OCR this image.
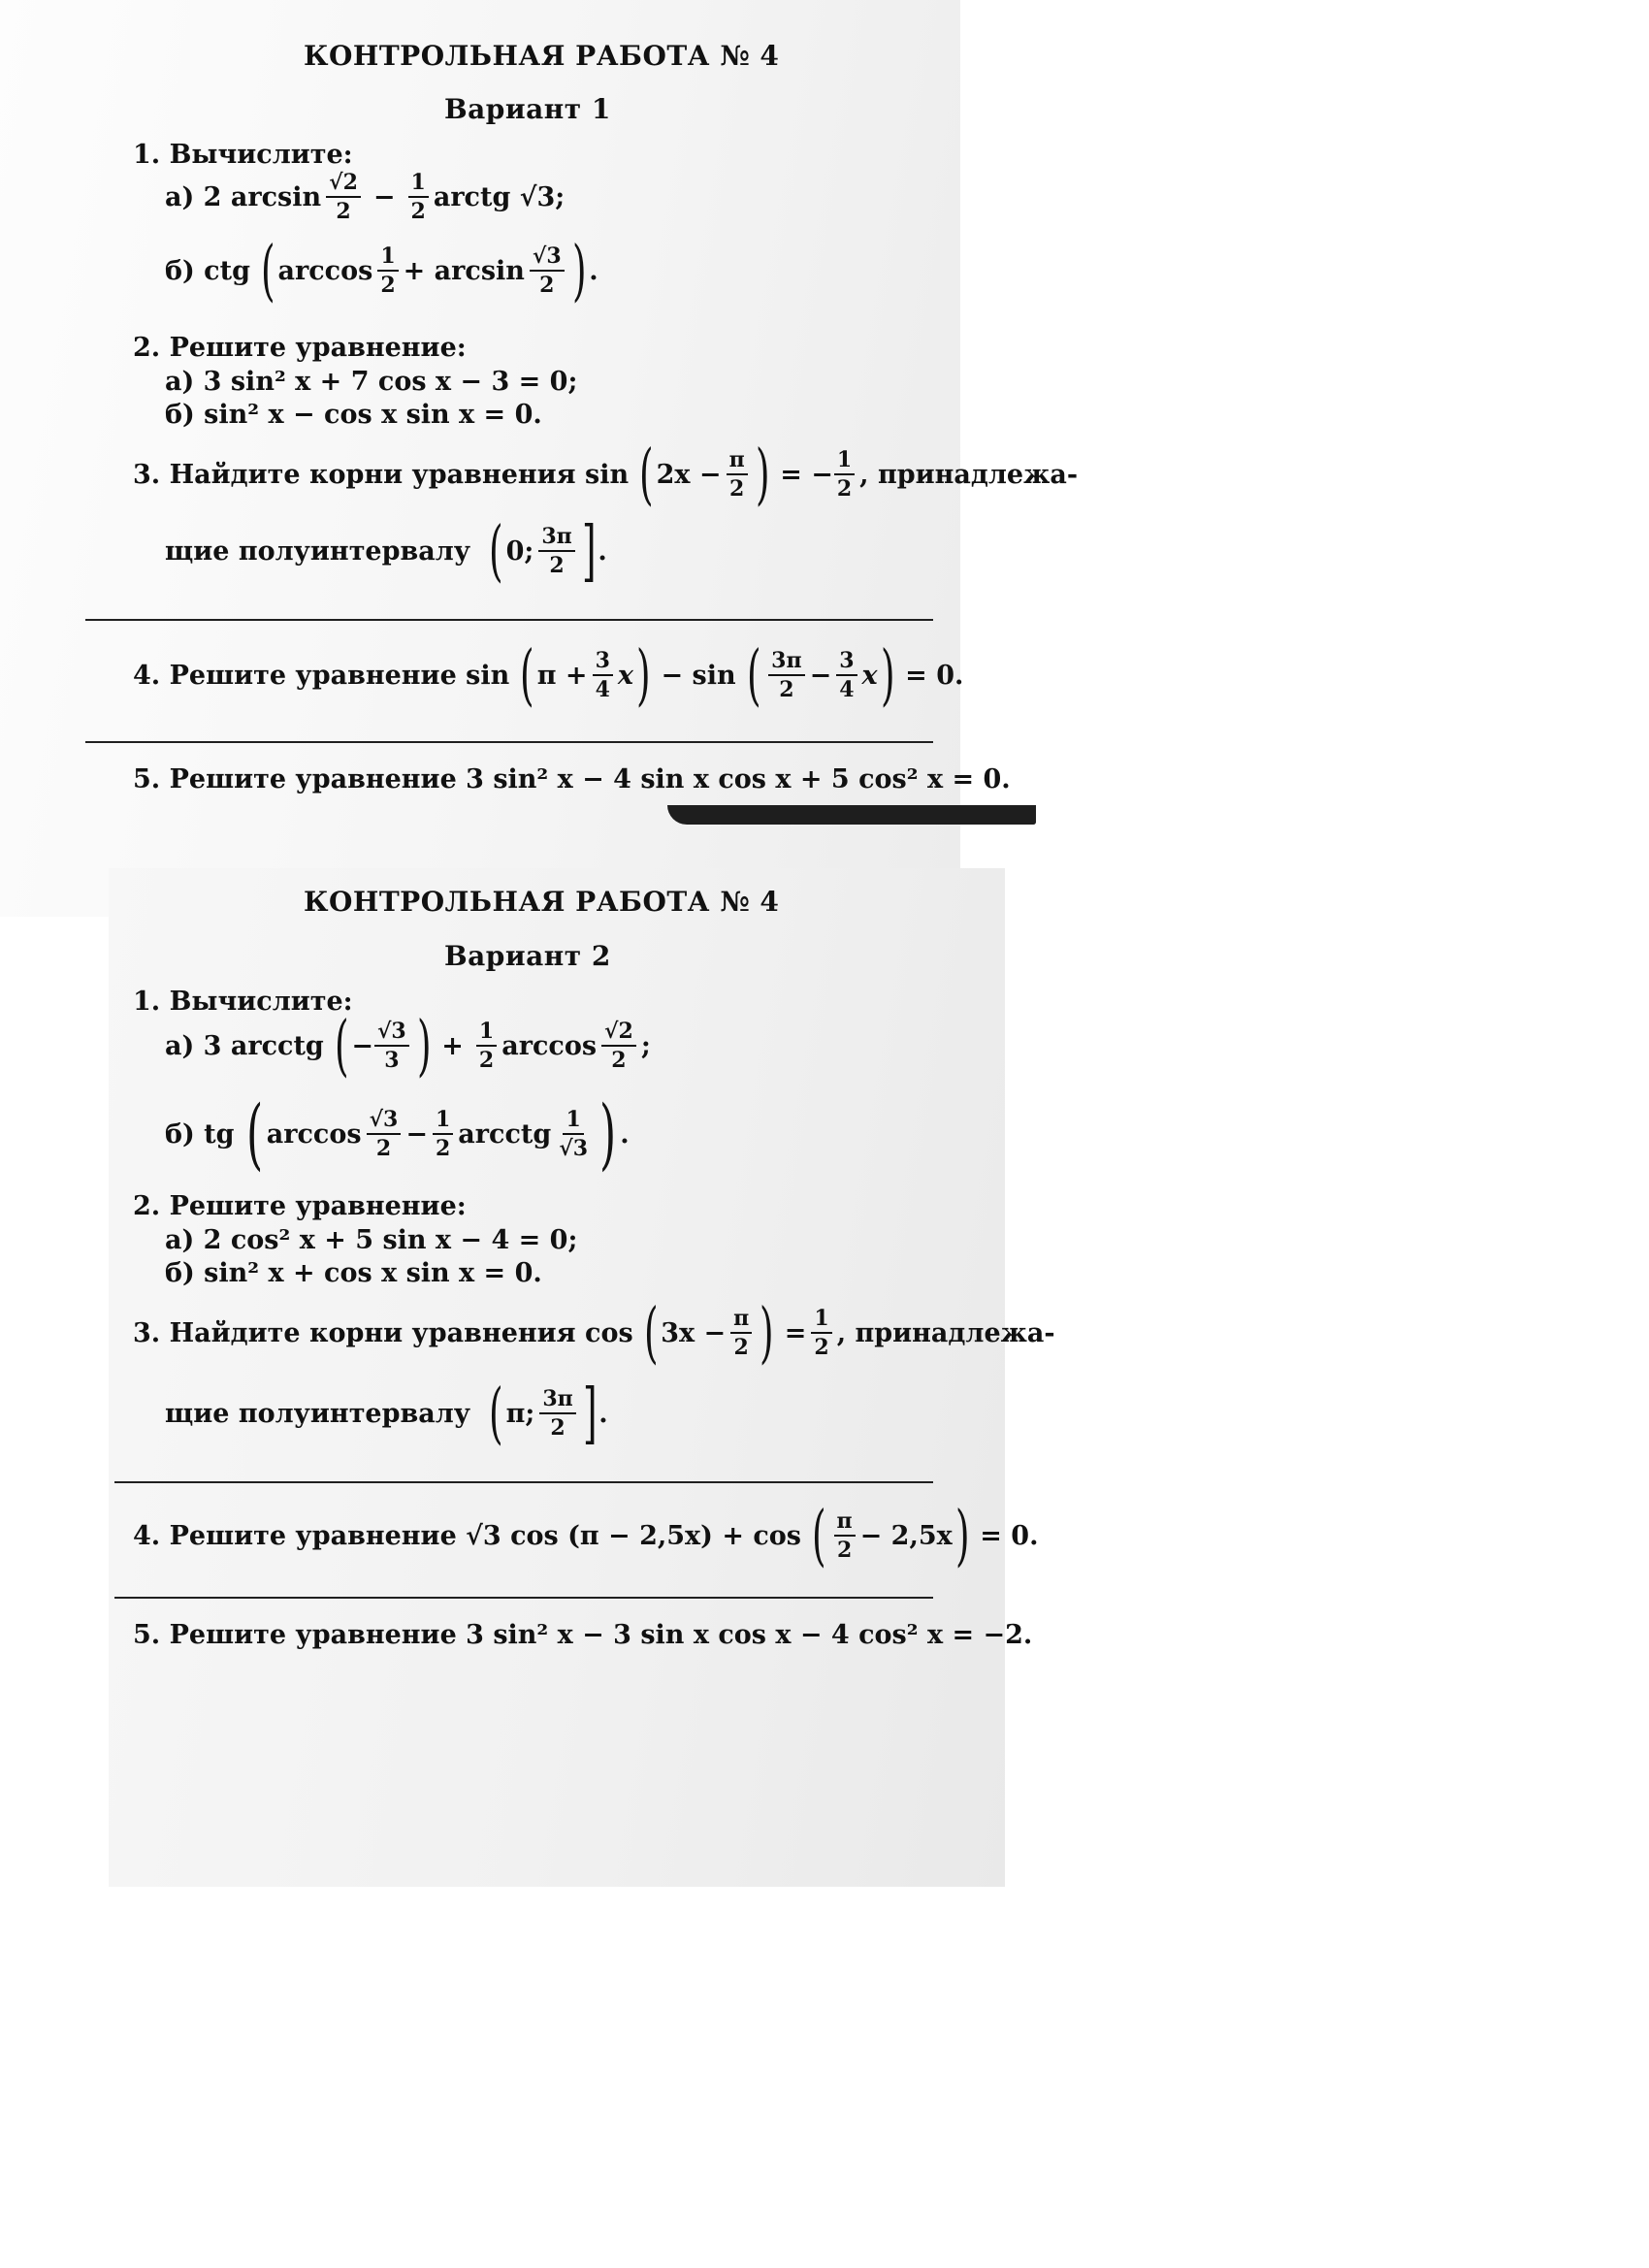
КОНТРОЛЬНАЯ РАБОТА № 4
Вариант 1
1. Вычислите:
а) 2 $\arcsin \frac{√2}{2} - \frac{1}{2}$ arctg √3;
б) ctg ( $\arccos \frac{1}{2} + \arcsin \frac{√3}{2}$ ) .
2. Решите уравнение:
а) 3 sin² x + 7 cos x − 3 = 0;
б) sin² x − cos x sin x = 0.
3. Найдите корни уравнения sin ( $2x - \frac{\pi}{2}$ ) = − $\frac{1}{2}$ , принадлежа-
щие полуинтервалу ( 0; $\frac{3\pi}{2}$ ] .
4. Решите уравнение sin ( $\pi + \frac{3}{4}$ x ) − sin ( $\frac{3\pi}{2} - \frac{3}{4}$ x ) = 0.
5. Решите уравнение 3 sin² x − 4 sin x cos x + 5 cos² x = 0.
КОНТРОЛЬНАЯ РАБОТА № 4
Вариант 2
1. Вычислите:
а) 3 arcctg ( − $\frac{√3}{3}$ ) + $\frac{1}{2}$ $\arccos \frac{√2}{2}$ ;
б) tg ( $\arccos \frac{√3}{2} - \frac{1}{2}$ arcctg $\frac{1}{√3}$ ) .
2. Решите уравнение:
а) 2 cos² x + 5 sin x − 4 = 0;
б) sin² x + cos x sin x = 0.
3. Найдите корни уравнения cos ( $3x - \frac{\pi}{2}$ ) = $\frac{1}{2}$ , принадлежа-
щие полуинтервалу ( π; $\frac{3\pi}{2}$ ] .
4. Решите уравнение √3 cos (π − 2,5x) + cos ( $\frac{\pi}{2} - 2,5x$ ) = 0.
5. Решите уравнение 3 sin² x − 3 sin x cos x − 4 cos² x = −2.
